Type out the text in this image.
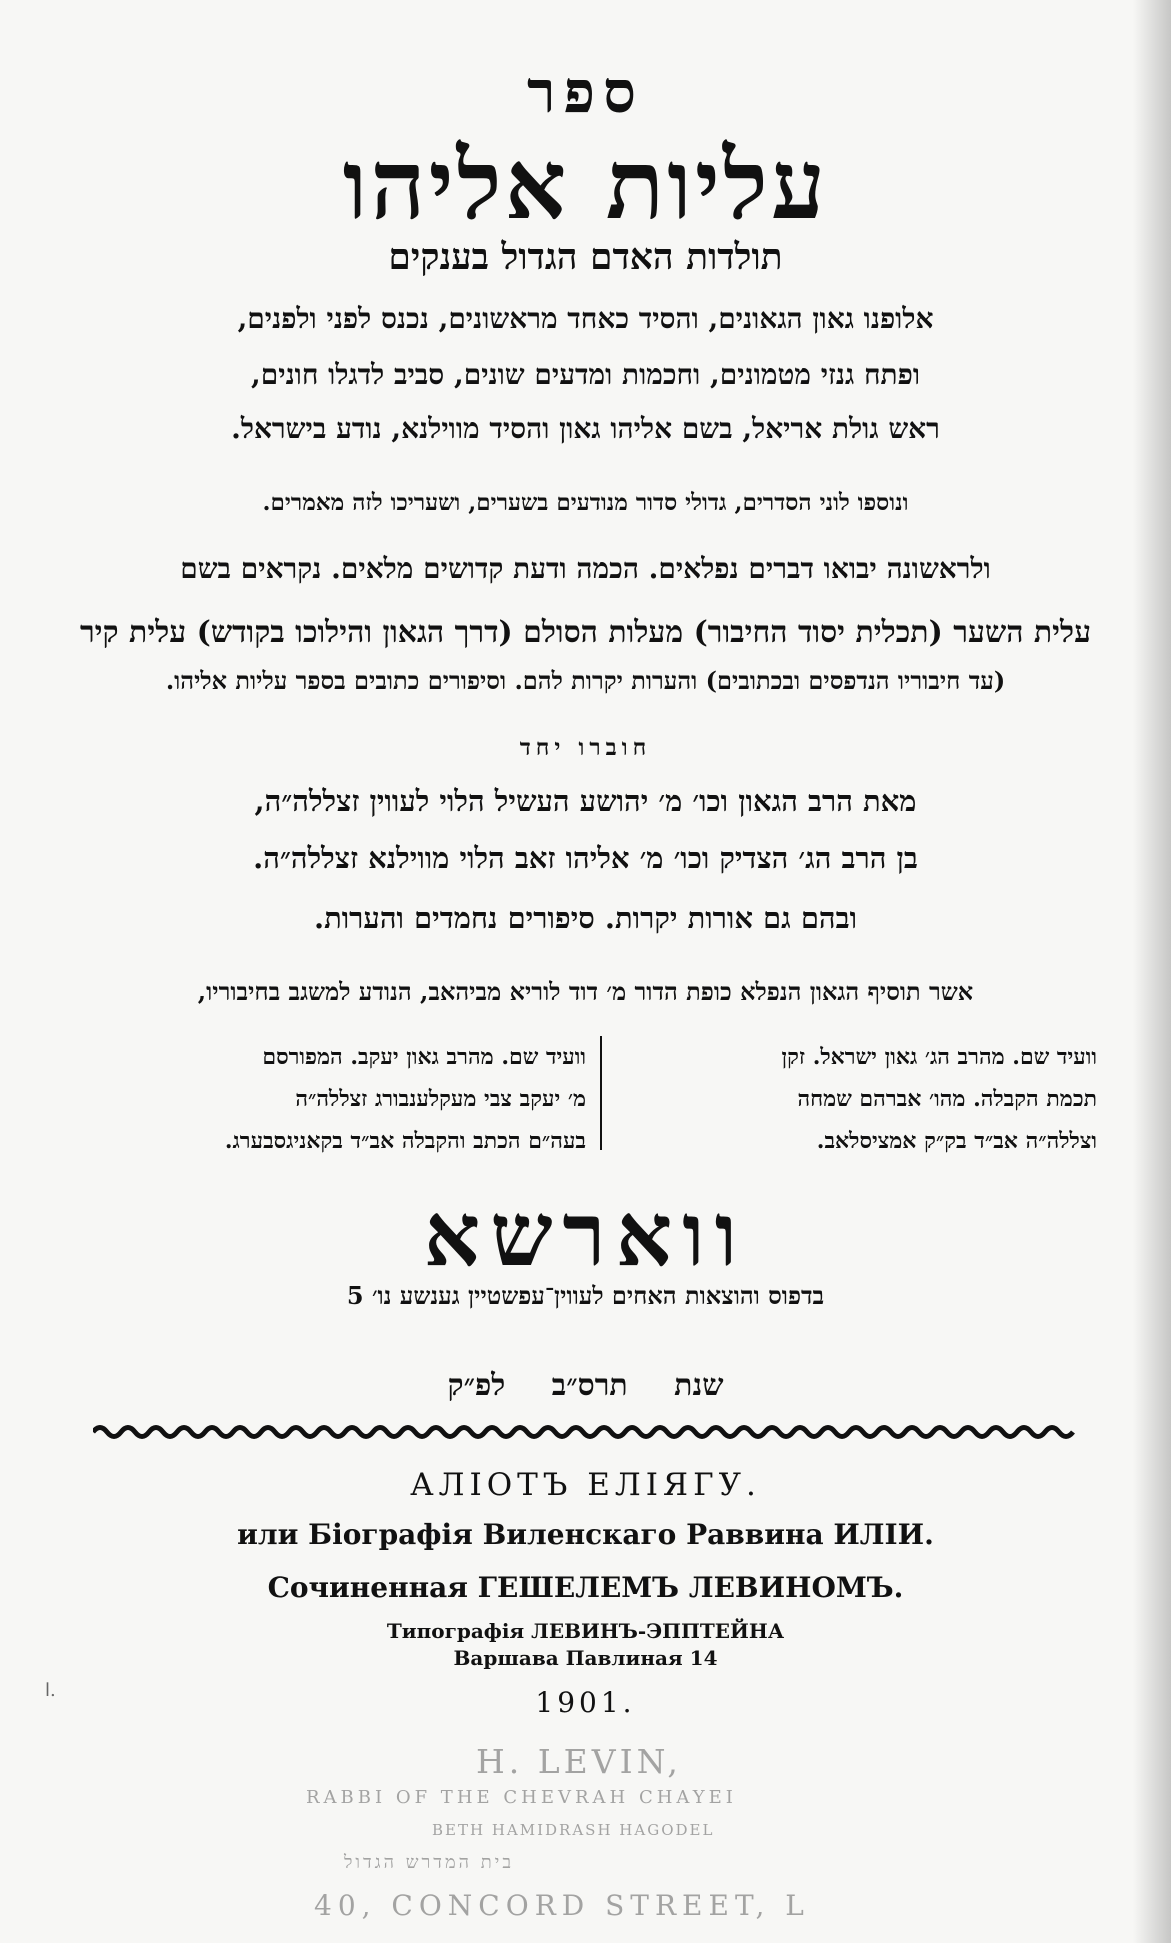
ספר
עליות אליהו
תולדות האדם הגדול בענקים
אלופנו גאון הגאונים, והסיד כאחד מראשונים, נכנס לפני ולפנים,
ופתח גנזי מטמונים, וחכמות ומדעים שונים, סביב לדגלו חונים,
ראש גולת אריאל, בשם אליהו גאון והסיד מווילנא, נודע בישראל.
ונוספו לוני הסדרים, גדולי סדור מנודעים בשערים, ושעריכו לזה מאמרים.
ולראשונה יבואו דברים נפלאים. הכמה ודעת קדושים מלאים. נקראים בשם
עלית השער (תכלית יסוד החיבור) מעלות הסולם (דרך הגאון והילוכו בקודש) עלית קיר
(עד חיבוריו הנדפסים ובכתובים) והערות יקרות להם. וסיפורים כתובים בספר עליות אליהו.
חוברו יחד
מאת הרב הגאון וכו׳ מ׳ יהושע העשיל הלוי לעווין זצללה״ה,
בן הרב הג׳ הצדיק וכו׳ מ׳ אליהו זאב הלוי מווילנא זצללה״ה.
ובהם גם אורות יקרות. סיפורים נחמדים והערות.
אשר תוסיף הגאון הנפלא כופת הדור מ׳ דוד לוריא מביהאב, הנודע למשגב בחיבוריו,
וועיד שם. מהרב הג׳ גאון ישראל. זקן
תכמת הקבלה. מהו׳ אברהם שמחה
וצללה״ה אב״ד בק״ק אמציסלאב.
וועיד שם. מהרב גאון יעקב. המפורסם
מ׳ יעקב צבי מעקלענבורג זצללה״ה
בעה״ם הכתב והקבלה אב״ד בקאניגסבערג.
ווארשא
בדפוס והוצאות האחים לעווין־עפשטיין גענשע נו׳ 5
שנת תרס״ב לפ״ק
АЛІОТЪ ЕЛІЯГУ.
или Біографія Виленскаго Раввина ИЛІИ.
Сочиненная ГЕШЕЛЕМЪ ЛЕВИНОМЪ.
Типографія ЛЕВИНЪ-ЭППТЕЙНА
Варшава Павлиная 14
1901.
ا.
H. LEVIN,
RABBI OF THE CHEVRAH CHAYEI
BETH HAMIDRASH HAGODEL
בית המדרש הגדול
40, CONCORD STREET, L
